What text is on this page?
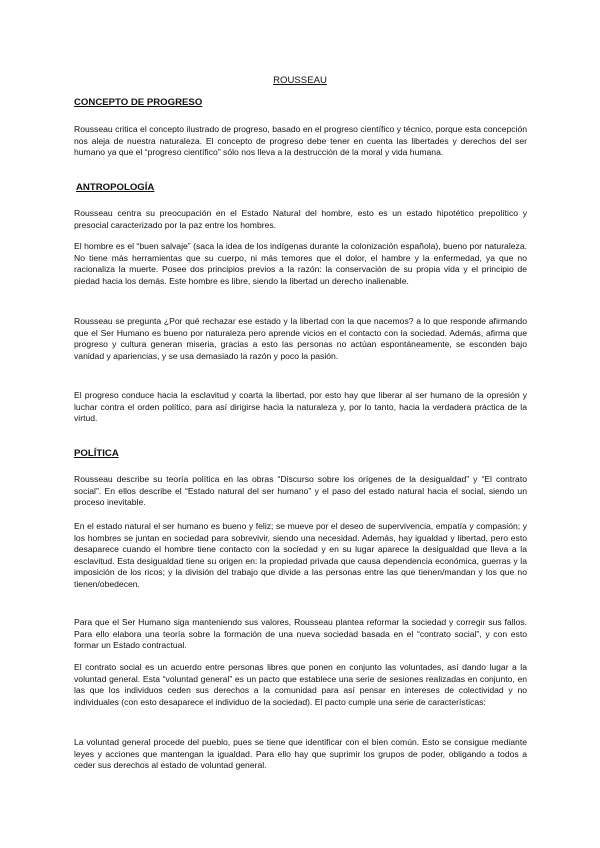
ROUSSEAU
CONCEPTO DE PROGRESO

Rousseau critica el concepto ilustrado de progreso, basado en el progreso científico y técnico, porque esta concepción nos aleja de nuestra naturaleza. El concepto de progreso debe tener en cuenta las libertades y derechos del ser humano ya que el “progreso científico” sólo nos lleva a la destrucción de la moral y vida humana.

ANTROPOLOGÍA

Rousseau centra su preocupación en el Estado Natural del hombre, esto es un estado hipotético prepolítico y presocial caracterizado por la paz entre los hombres.

El hombre es el “buen salvaje” (saca la idea de los indígenas durante la colonización española), bueno por naturaleza. No tiene más herramientas que su cuerpo, ni más temores que el dolor, el hambre y la enfermedad, ya que no racionaliza la muerte. Posee dos principios previos a la razón: la conservación de su propia vida y el principio de piedad hacia los demás. Este hombre es libre, siendo la libertad un derecho inalienable.

Rousseau se pregunta ¿Por qué rechazar ese estado y la libertad con la que nacemos? a lo que responde afirmando que el Ser Humano es bueno por naturaleza pero aprende vicios en el contacto con la sociedad. Además, afirma que progreso y cultura generan miseria, gracias a esto las personas no actúan espontáneamente, se esconden bajo vanidad y apariencias, y se usa demasiado la razón y poco la pasión.

El progreso conduce hacia la esclavitud y coarta la libertad, por esto hay que liberar al ser humano de la opresión y luchar contra el orden político, para así dirigirse hacia la naturaleza y, por lo tanto, hacia la verdadera práctica de la virtud.

POLÍTICA

Rousseau describe su teoría política en las obras “Discurso sobre los orígenes de la desigualdad” y “El contrato social”. En ellos describe el “Estado natural del ser humano” y el paso del estado natural hacia el social, siendo un proceso inevitable.

En el estado natural el ser humano es bueno y feliz; se mueve por el deseo de supervivencia, empatía y compasión; y los hombres se juntan en sociedad para sobrevivir, siendo una necesidad. Además, hay igualdad y libertad, pero esto desaparece cuando el hombre tiene contacto con la sociedad y en su lugar aparece la desigualdad que lleva a la esclavitud. Esta desigualdad tiene su origen en: la propiedad privada que causa dependencia económica, guerras y la imposición de los ricos; y la división del trabajo que divide a las personas entre las que tienen/mandan y los que no tienen/obedecen.

Para que el Ser Humano siga manteniendo sus valores, Rousseau plantea reformar la sociedad y corregir sus fallos. Para ello elabora una teoría sobre la formación de una nueva sociedad basada en el “contrato social”, y con esto formar un Estado contractual.

El contrato social es un acuerdo entre personas libres que ponen en conjunto las voluntades, así dando lugar a la voluntad general. Esta “voluntad general” es un pacto que establece una serie de sesiones realizadas en conjunto, en las que los individuos ceden sus derechos a la comunidad para así pensar en intereses de colectividad y no individuales (con esto desaparece el individuo de la sociedad). El pacto cumple una serie de características:

La voluntad general procede del pueblo, pues se tiene que identificar con el bien común. Esto se consigue mediante leyes y acciones que mantengan la igualdad. Para ello hay que suprimir los grupos de poder, obligando a todos a ceder sus derechos al estado de voluntad general.
